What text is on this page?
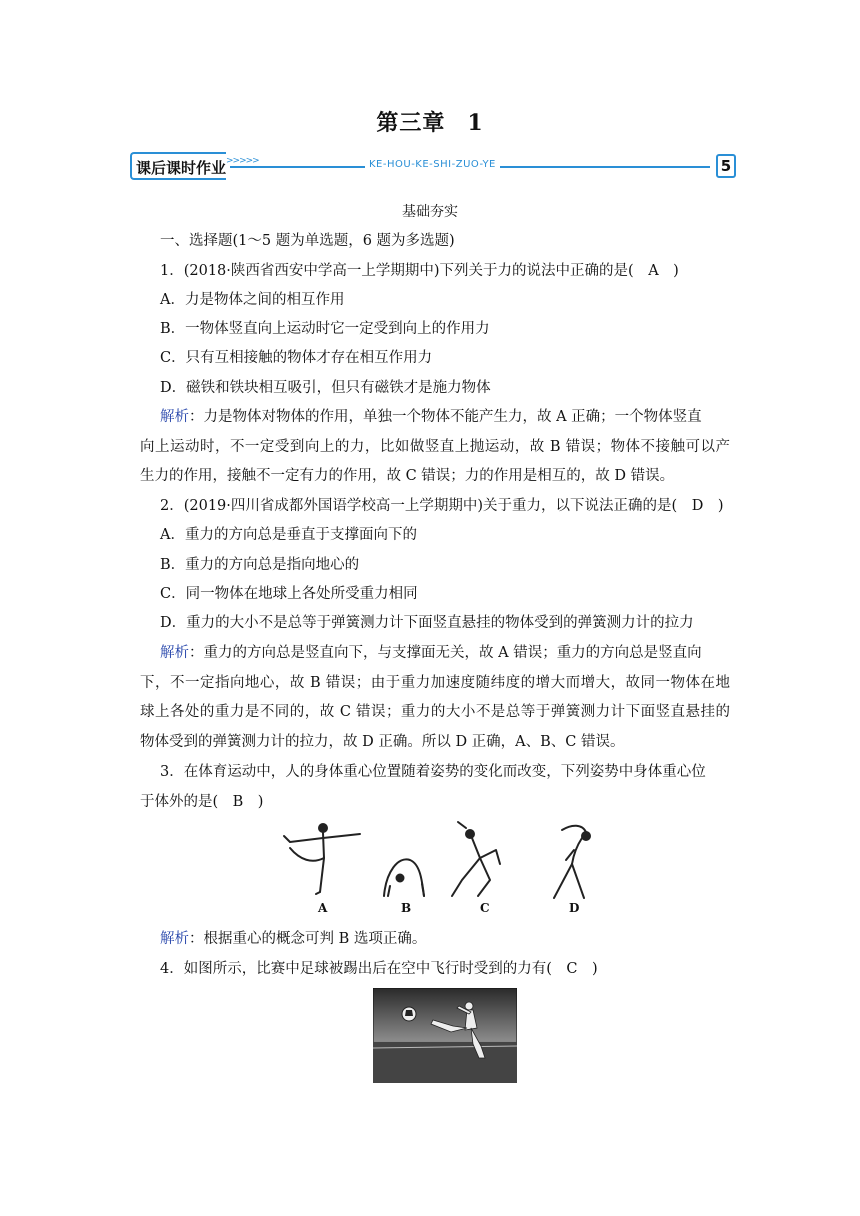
第三章 1
课后课时作业 >>>>>	KE-HOU-KE-SHI-ZUO-YE	5
基础夯实
一、选择题(1～5 题为单选题，6 题为多选题)
1．(2018·陕西省西安中学高一上学期期中)下列关于力的说法中正确的是(　A　)
A．力是物体之间的相互作用
B．一物体竖直向上运动时它一定受到向上的作用力
C．只有互相接触的物体才存在相互作用力
D．磁铁和铁块相互吸引，但只有磁铁才是施力物体
解析：力是物体对物体的作用，单独一个物体不能产生力，故 A 正确；一个物体竖直
向上运动时，不一定受到向上的力，比如做竖直上抛运动，故 B 错误；物体不接触可以产
生力的作用，接触不一定有力的作用，故 C 错误；力的作用是相互的，故 D 错误。
2．(2019·四川省成都外国语学校高一上学期期中)关于重力，以下说法正确的是(　D　)
A．重力的方向总是垂直于支撑面向下的
B．重力的方向总是指向地心的
C．同一物体在地球上各处所受重力相同
D．重力的大小不是总等于弹簧测力计下面竖直悬挂的物体受到的弹簧测力计的拉力
解析：重力的方向总是竖直向下，与支撑面无关，故 A 错误；重力的方向总是竖直向
下，不一定指向地心，故 B 错误；由于重力加速度随纬度的增大而增大，故同一物体在地
球上各处的重力是不同的，故 C 错误；重力的大小不是总等于弹簧测力计下面竖直悬挂的
物体受到的弹簧测力计的拉力，故 D 正确。所以 D 正确，A、B、C 错误。
3．在体育运动中，人的身体重心位置随着姿势的变化而改变，下列姿势中身体重心位
于体外的是(　B　)
A	B	C	D
解析：根据重心的概念可判 B 选项正确。
4．如图所示，比赛中足球被踢出后在空中飞行时受到的力有(　C　)
